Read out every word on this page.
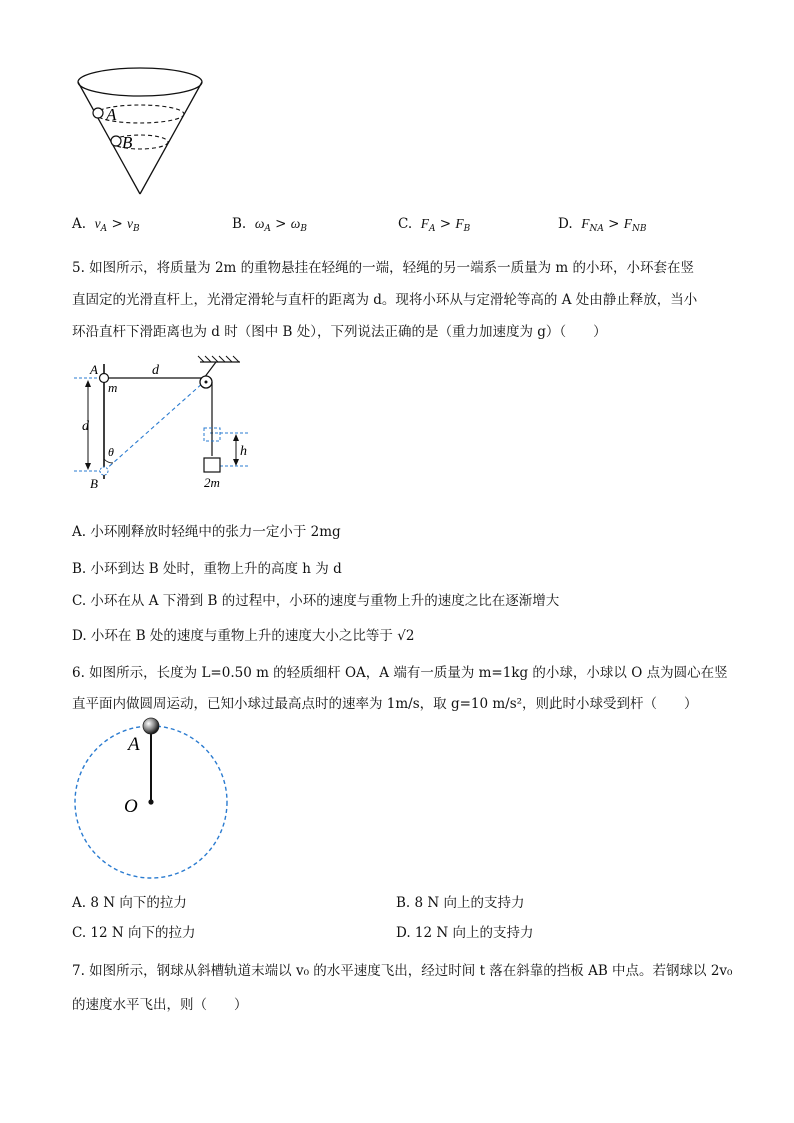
A
B
A. $v_A > v_B$	B. $\omega_A > \omega_B$	C. $F_A > F_B$	D. $F_{NA} > F_{NB}$
5. 如图所示，将质量为 2m 的重物悬挂在轻绳的一端，轻绳的另一端系一质量为 m 的小环，小环套在竖
直固定的光滑直杆上，光滑定滑轮与直杆的距离为 d。现将小环从与定滑轮等高的 A 处由静止释放，当小
环沿直杆下滑距离也为 d 时（图中 B 处），下列说法正确的是（重力加速度为 g）（　　）
A
m
d
d
θ
B
h
2m
A. 小环刚释放时轻绳中的张力一定小于 2mg
B. 小环到达 B 处时，重物上升的高度 h 为 d
C. 小环在从 A 下滑到 B 的过程中，小环的速度与重物上升的速度之比在逐渐增大
D. 小环在 B 处的速度与重物上升的速度大小之比等于 √2
6. 如图所示，长度为 L=0.50 m 的轻质细杆 OA，A 端有一质量为 m=1kg 的小球，小球以 O 点为圆心在竖
直平面内做圆周运动，已知小球过最高点时的速率为 1m/s，取 g=10 m/s²，则此时小球受到杆（　　）
A
O
A. 8 N 向下的拉力	B. 8 N 向上的支持力
C. 12 N 向下的拉力	D. 12 N 向上的支持力
7. 如图所示，钢球从斜槽轨道末端以 v₀ 的水平速度飞出，经过时间 t 落在斜靠的挡板 AB 中点。若钢球以 2v₀
的速度水平飞出，则（　　）
